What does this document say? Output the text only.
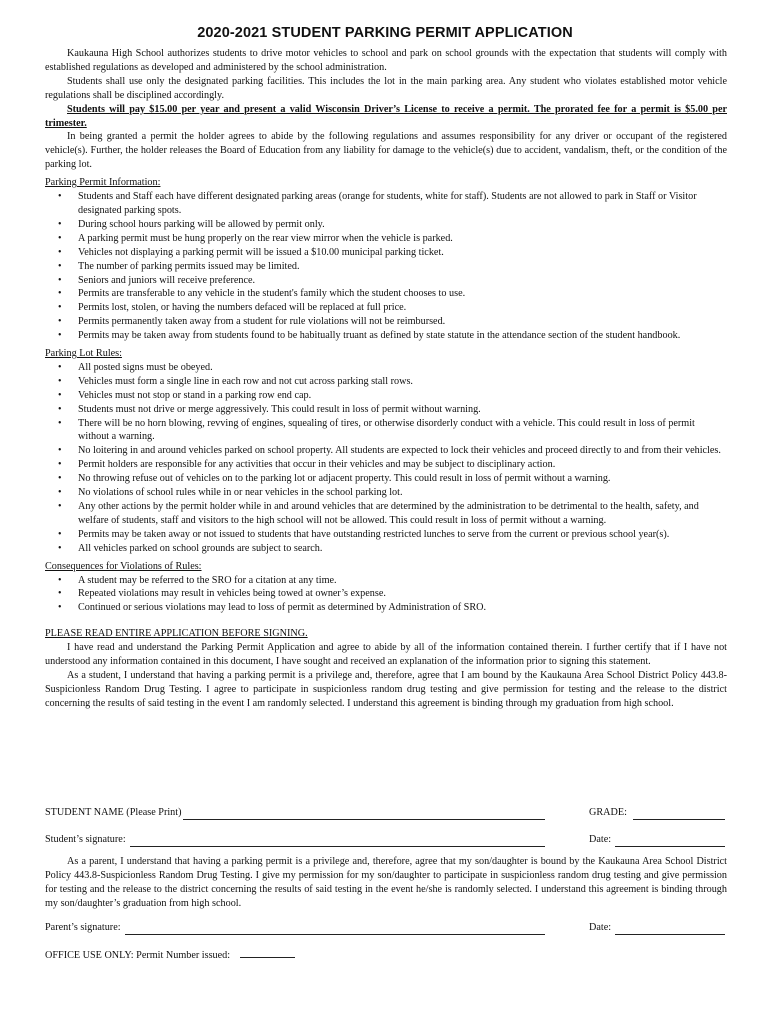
2020-2021 STUDENT PARKING PERMIT APPLICATION

Kaukauna High School authorizes students to drive motor vehicles to school and park on school grounds with the expectation that students will comply with established regulations as developed and administered by the school administration.

Students shall use only the designated parking facilities. This includes the lot in the main parking area. Any student who violates established motor vehicle regulations shall be disciplined accordingly.

Students will pay $15.00 per year and present a valid Wisconsin Driver’s License to receive a permit. The prorated fee for a permit is $5.00 per trimester.

In being granted a permit the holder agrees to abide by the following regulations and assumes responsibility for any driver or occupant of the registered vehicle(s). Further, the holder releases the Board of Education from any liability for damage to the vehicle(s) due to accident, vandalism, theft, or the condition of the parking lot.

Parking Permit Information:

• Students and Staff each have different designated parking areas (orange for students, white for staff). Students are not allowed to park in Staff or Visitor designated parking spots.
• During school hours parking will be allowed by permit only.
• A parking permit must be hung properly on the rear view mirror when the vehicle is parked.
• Vehicles not displaying a parking permit will be issued a $10.00 municipal parking ticket.
• The number of parking permits issued may be limited.
• Seniors and juniors will receive preference.
• Permits are transferable to any vehicle in the student's family which the student chooses to use.
• Permits lost, stolen, or having the numbers defaced will be replaced at full price.
• Permits permanently taken away from a student for rule violations will not be reimbursed.
• Permits may be taken away from students found to be habitually truant as defined by state statute in the attendance section of the student handbook.

Parking Lot Rules:

• All posted signs must be obeyed.
• Vehicles must form a single line in each row and not cut across parking stall rows.
• Vehicles must not stop or stand in a parking row end cap.
• Students must not drive or merge aggressively. This could result in loss of permit without warning.
• There will be no horn blowing, revving of engines, squealing of tires, or otherwise disorderly conduct with a vehicle. This could result in loss of permit without a warning.
• No loitering in and around vehicles parked on school property. All students are expected to lock their vehicles and proceed directly to and from their vehicles.
• Permit holders are responsible for any activities that occur in their vehicles and may be subject to disciplinary action.
• No throwing refuse out of vehicles on to the parking lot or adjacent property. This could result in loss of permit without a warning.
• No violations of school rules while in or near vehicles in the school parking lot.
• Any other actions by the permit holder while in and around vehicles that are determined by the administration to be detrimental to the health, safety, and welfare of students, staff and visitors to the high school will not be allowed. This could result in loss of permit without a warning.
• Permits may be taken away or not issued to students that have outstanding restricted lunches to serve from the current or previous school year(s).
• All vehicles parked on school grounds are subject to search.

Consequences for Violations of Rules:

• A student may be referred to the SRO for a citation at any time.
• Repeated violations may result in vehicles being towed at owner’s expense.
• Continued or serious violations may lead to loss of permit as determined by Administration of SRO.

PLEASE READ ENTIRE APPLICATION BEFORE SIGNING.

I have read and understand the Parking Permit Application and agree to abide by all of the information contained therein. I further certify that if I have not understood any information contained in this document, I have sought and received an explanation of the information prior to signing this statement.

As a student, I understand that having a parking permit is a privilege and, therefore, agree that I am bound by the Kaukauna Area School District Policy 443.8-Suspicionless Random Drug Testing. I agree to participate in suspicionless random drug testing and give permission for testing and the release to the district concerning the results of said testing in the event I am randomly selected. I understand this agreement is binding through my graduation from high school.

STUDENT NAME (Please Print)	GRADE:
Student’s signature:	Date:

As a parent, I understand that having a parking permit is a privilege and, therefore, agree that my son/daughter is bound by the Kaukauna Area School District Policy 443.8-Suspicionless Random Drug Testing. I give my permission for my son/daughter to participate in suspicionless random drug testing and give permission for testing and the release to the district concerning the results of said testing in the event he/she is randomly selected. I understand this agreement is binding through my son/daughter’s graduation from high school.

Parent’s signature:	Date:
OFFICE USE ONLY: Permit Number issued:
